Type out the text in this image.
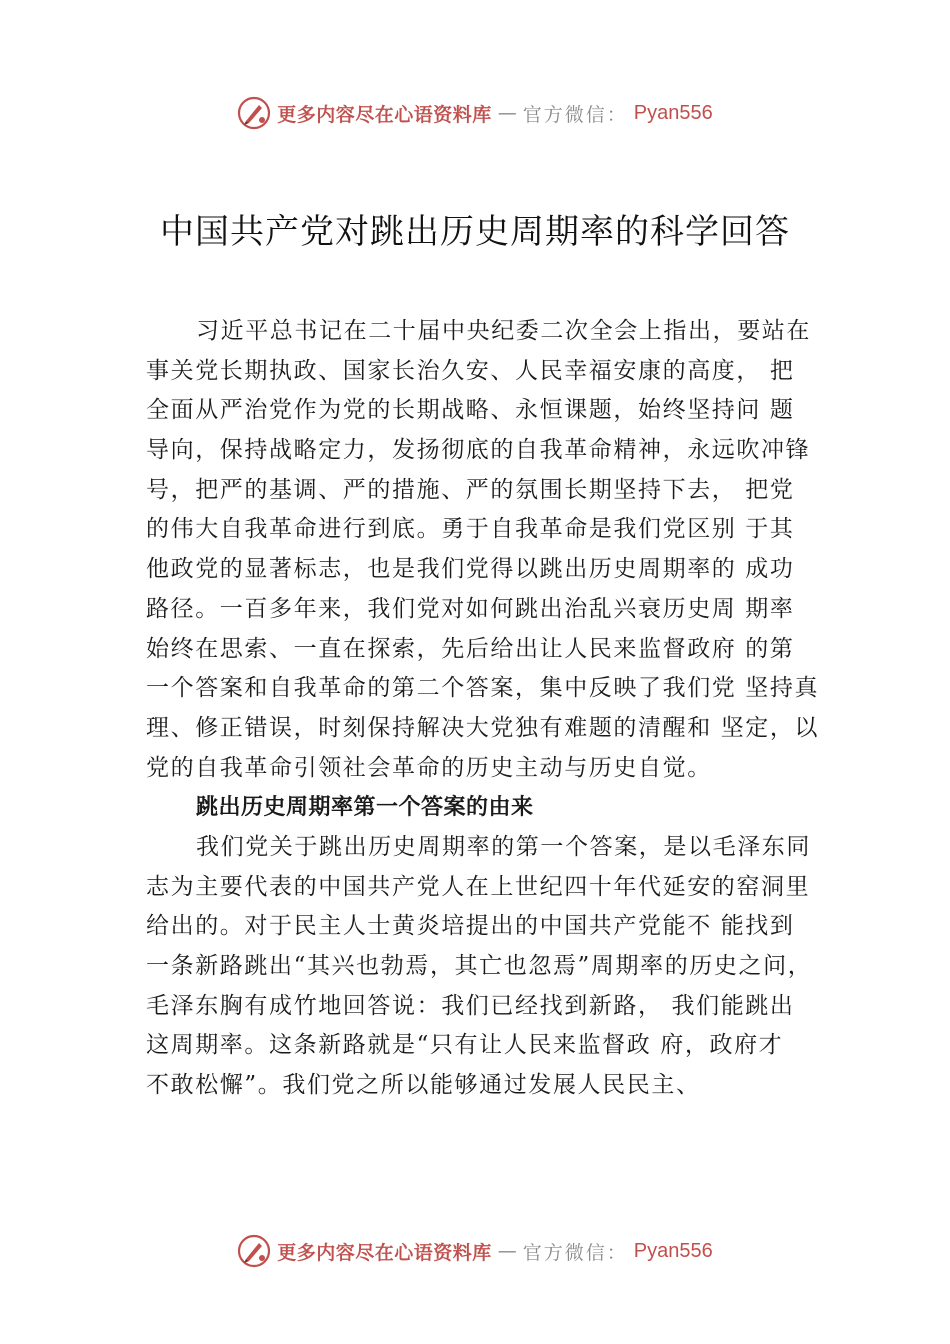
更多内容尽在心语资料库 — 官方微信： Pyan556
中国共产党对跳出历史周期率的科学回答
习近平总书记在二十届中央纪委二次全会上指出，要站在
事关党长期执政、国家长治久安、人民幸福安康的高度， 把
全面从严治党作为党的长期战略、永恒课题，始终坚持问 题
导向，保持战略定力，发扬彻底的自我革命精神，永远吹冲锋
号，把严的基调、严的措施、严的氛围长期坚持下去， 把党
的伟大自我革命进行到底。勇于自我革命是我们党区别 于其
他政党的显著标志，也是我们党得以跳出历史周期率的 成功
路径。一百多年来，我们党对如何跳出治乱兴衰历史周 期率
始终在思索、一直在探索，先后给出让人民来监督政府 的第
一个答案和自我革命的第二个答案，集中反映了我们党 坚持真
理、修正错误，时刻保持解决大党独有难题的清醒和 坚定，以
党的自我革命引领社会革命的历史主动与历史自觉。
跳出历史周期率第一个答案的由来
我们党关于跳出历史周期率的第一个答案，是以毛泽东同
志为主要代表的中国共产党人在上世纪四十年代延安的窑洞里
给出的。对于民主人士黄炎培提出的中国共产党能不 能找到
一条新路跳出“其兴也勃焉，其亡也忽焉”周期率的历史之问，
毛泽东胸有成竹地回答说：我们已经找到新路， 我们能跳出
这周期率。这条新路就是“只有让人民来监督政 府，政府才
不敢松懈”。我们党之所以能够通过发展人民民主、
更多内容尽在心语资料库 — 官方微信： Pyan556
